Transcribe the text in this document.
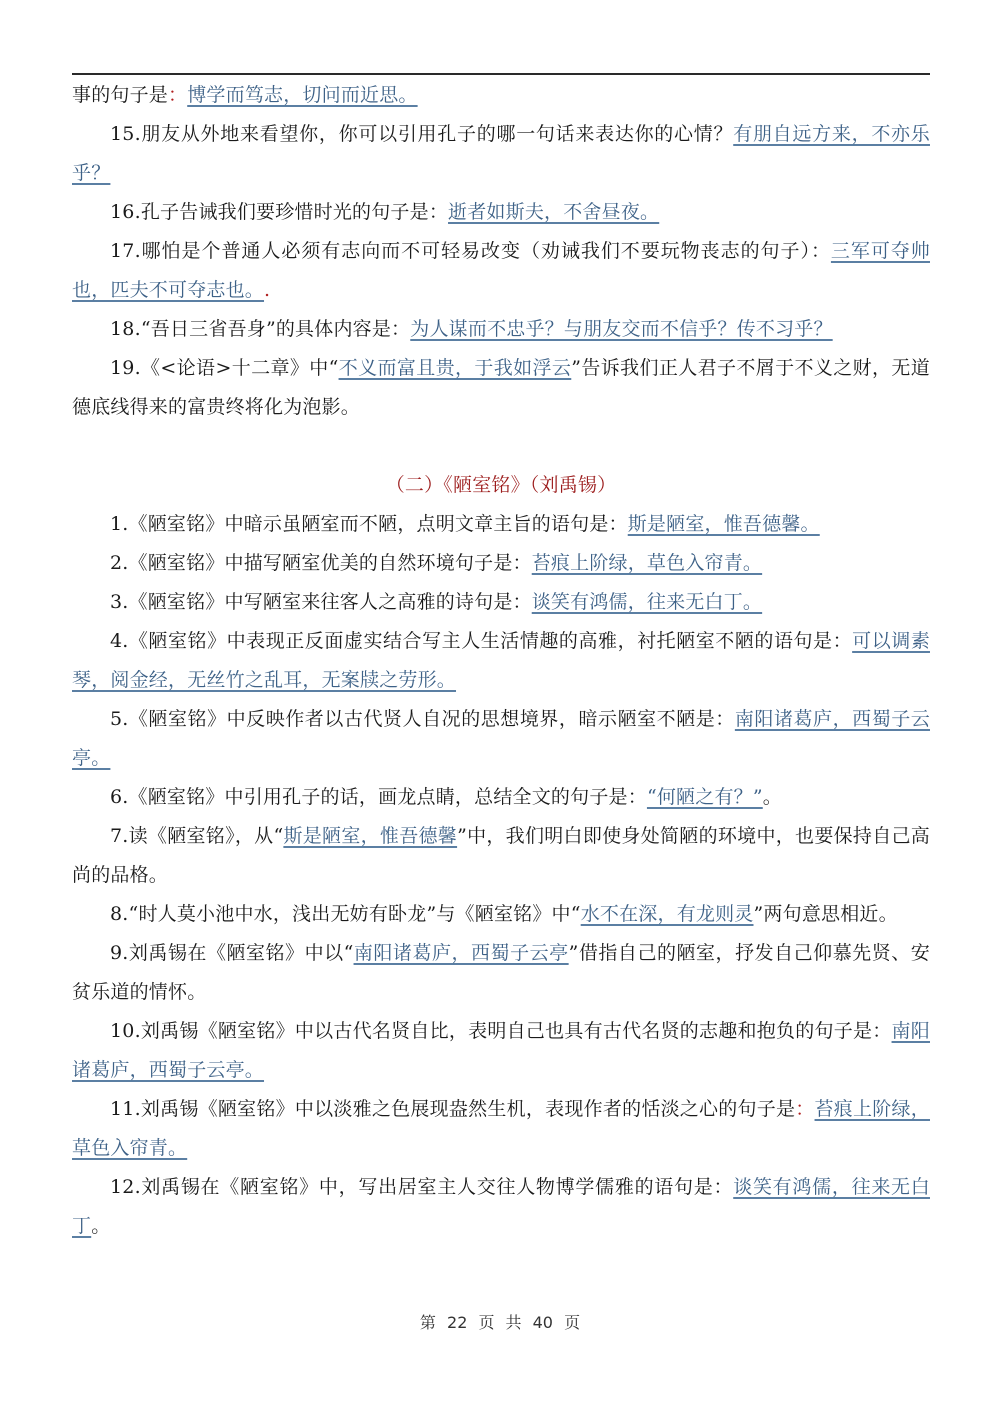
事的句子是：博学而笃志，切问而近思。

15.朋友从外地来看望你，你可以引用孔子的哪一句话来表达你的心情？有朋自远方来，不亦乐乎？

16.孔子告诫我们要珍惜时光的句子是：逝者如斯夫，不舍昼夜。

17.哪怕是个普通人必须有志向而不可轻易改变（劝诫我们不要玩物丧志的句子）：三军可夺帅也，匹夫不可夺志也。.

18.“吾日三省吾身”的具体内容是：为人谋而不忠乎？与朋友交而不信乎？传不习乎？

19.《<论语>十二章》中“不义而富且贵，于我如浮云”告诉我们正人君子不屑于不义之财，无道德底线得来的富贵终将化为泡影。

（二）《陋室铭》（刘禹锡）

1.《陋室铭》中暗示虽陋室而不陋，点明文章主旨的语句是：斯是陋室，惟吾德馨。

2.《陋室铭》中描写陋室优美的自然环境句子是：苔痕上阶绿，草色入帘青。

3.《陋室铭》中写陋室来往客人之高雅的诗句是：谈笑有鸿儒，往来无白丁。

4.《陋室铭》中表现正反面虚实结合写主人生活情趣的高雅，衬托陋室不陋的语句是：可以调素琴，阅金经，无丝竹之乱耳，无案牍之劳形。

5.《陋室铭》中反映作者以古代贤人自况的思想境界，暗示陋室不陋是：南阳诸葛庐，西蜀子云亭。

6.《陋室铭》中引用孔子的话，画龙点睛，总结全文的句子是：“何陋之有？”。

7.读《陋室铭》，从“斯是陋室，惟吾德馨”中，我们明白即使身处简陋的环境中，也要保持自己高尚的品格。

8.“时人莫小池中水，浅出无妨有卧龙”与《陋室铭》中“水不在深，有龙则灵”两句意思相近。

9.刘禹锡在《陋室铭》中以“南阳诸葛庐，西蜀子云亭”借指自己的陋室，抒发自己仰慕先贤、安贫乐道的情怀。

10.刘禹锡《陋室铭》中以古代名贤自比，表明自己也具有古代名贤的志趣和抱负的句子是：南阳诸葛庐，西蜀子云亭。

11.刘禹锡《陋室铭》中以淡雅之色展现盎然生机，表现作者的恬淡之心的句子是：苔痕上阶绿，草色入帘青。

12.刘禹锡在《陋室铭》中，写出居室主人交往人物博学儒雅的语句是：谈笑有鸿儒，往来无白丁。

第 22 页 共 40 页
